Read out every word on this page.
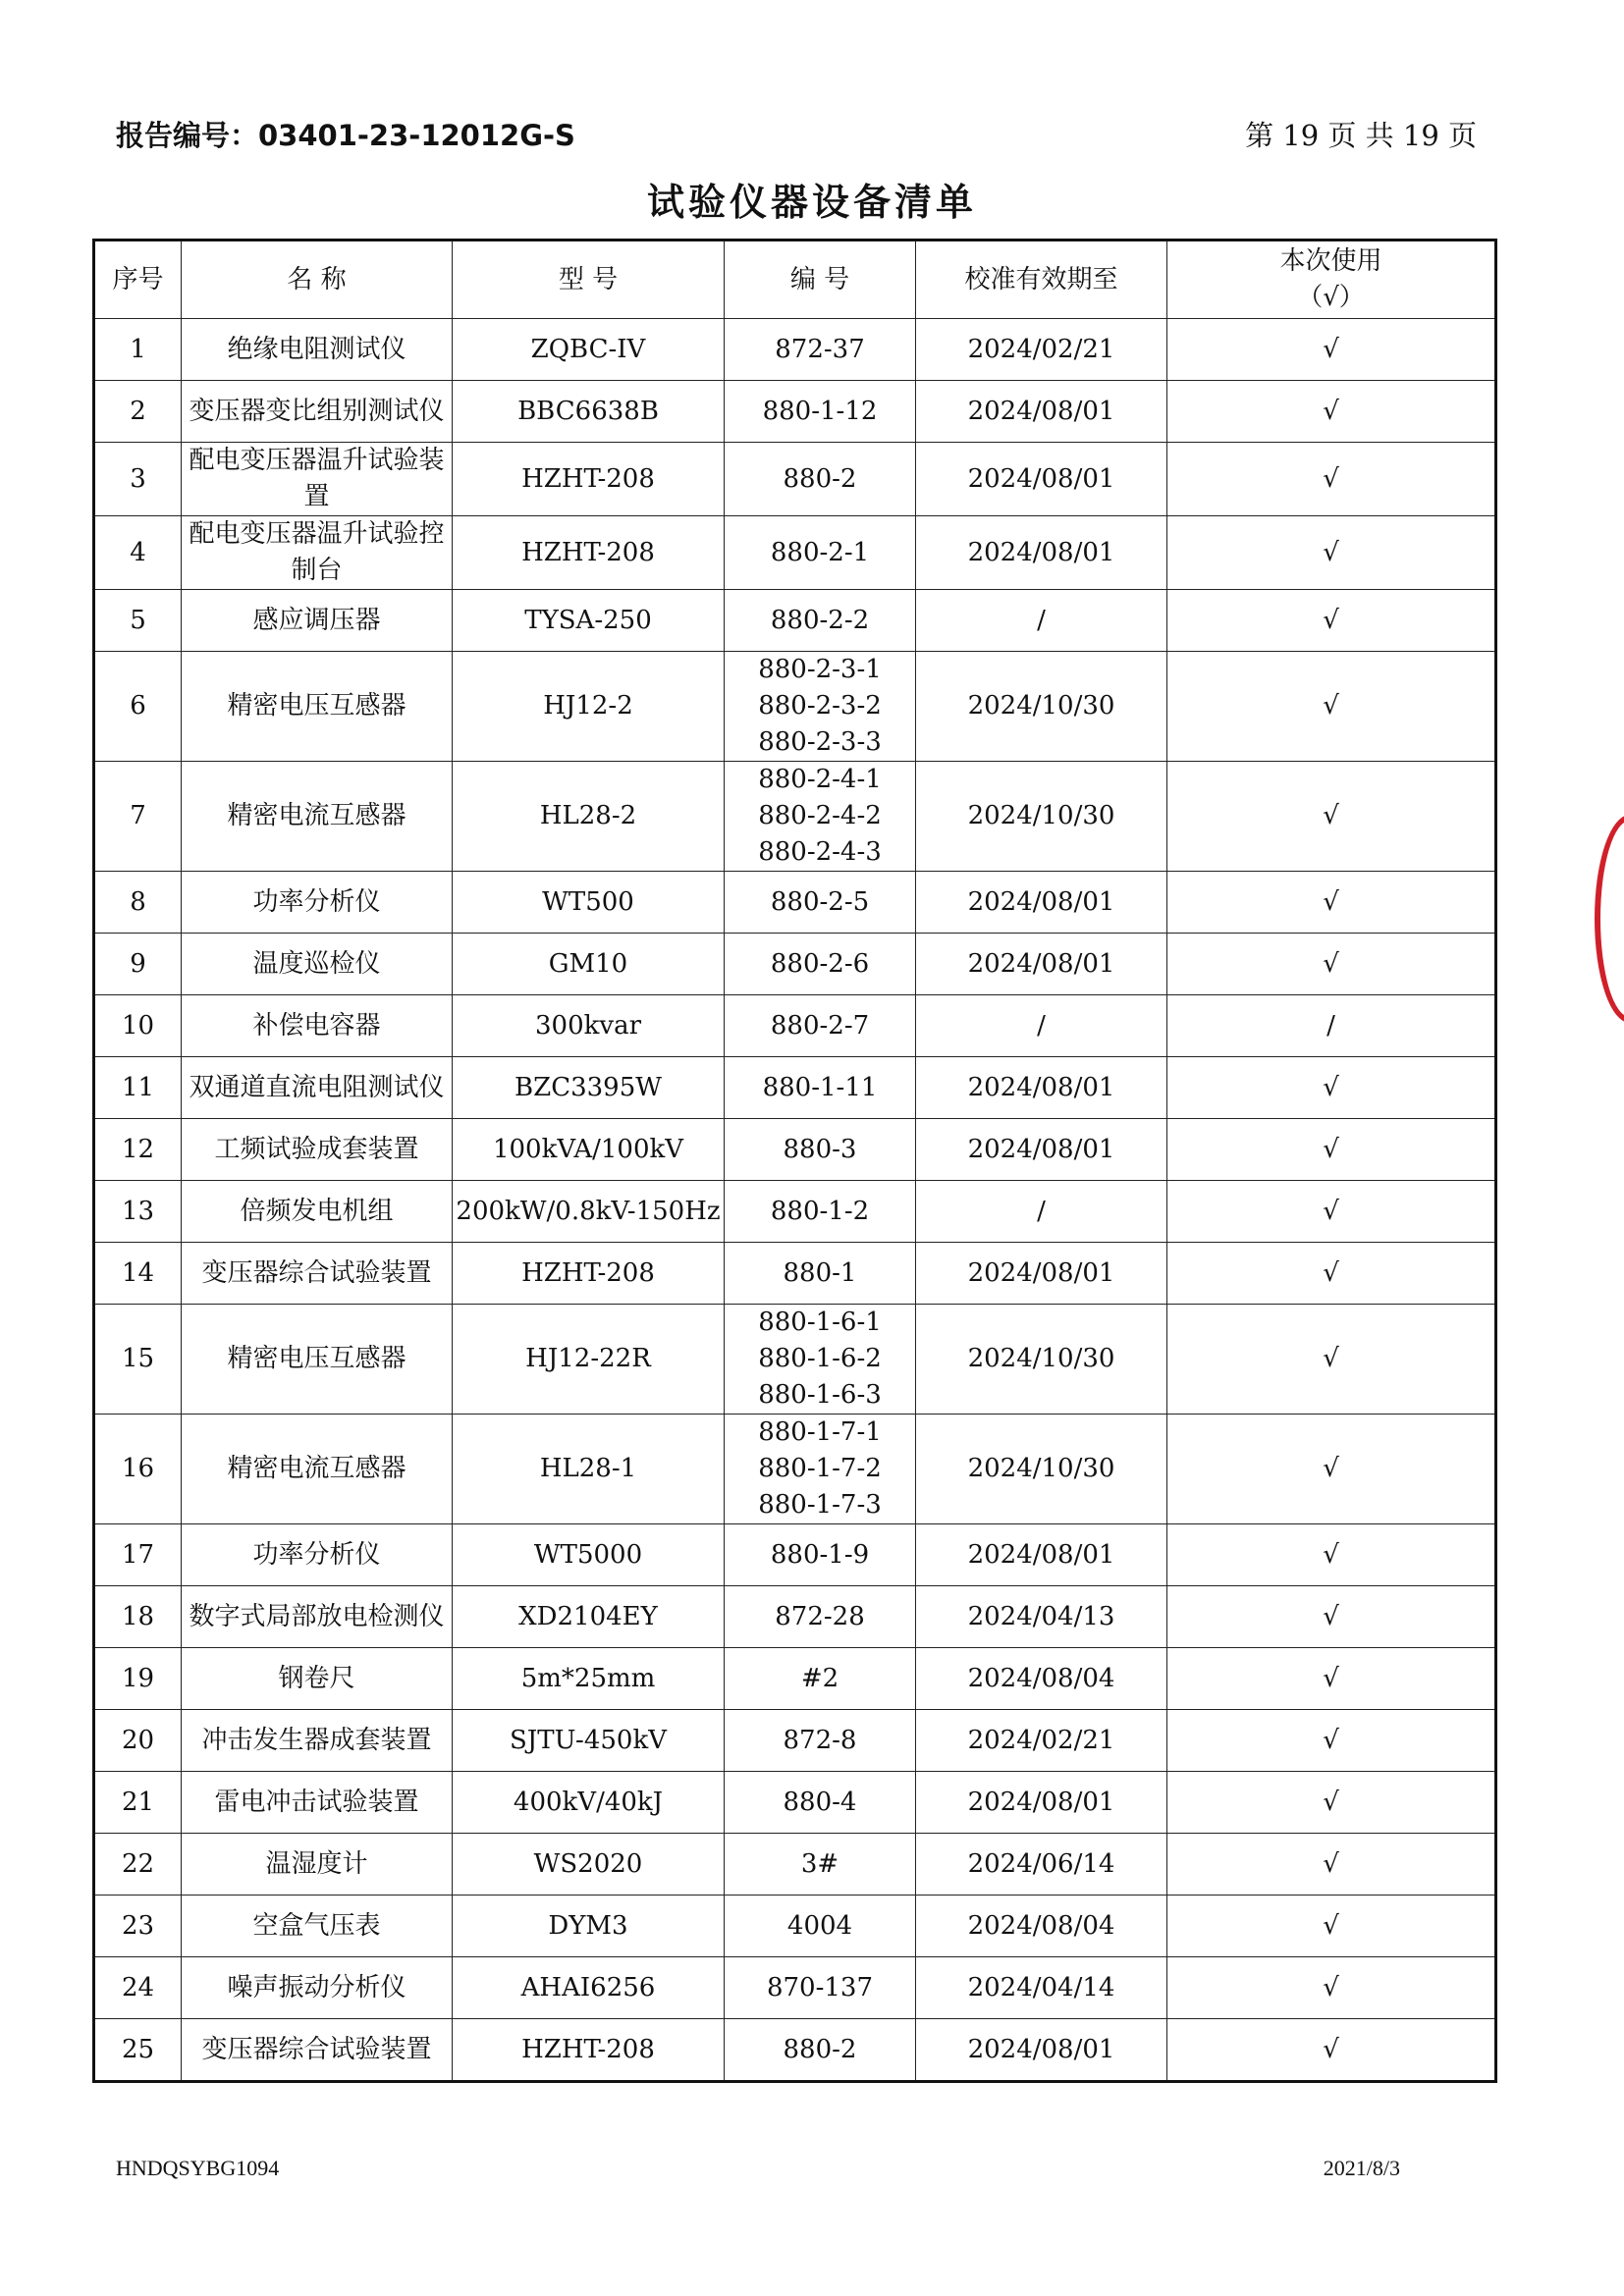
报告编号：03401-23-12012G-S	第 19 页 共 19 页
试验仪器设备清单
序号	名 称	型 号	编 号	校准有效期至	本次使用
（√）

1	绝缘电阻测试仪	ZQBC-IV	872-37	2024/02/21	√
2	变压器变比组别测试仪	BBC6638B	880-1-12	2024/08/01	√
3	配电变压器温升试验装置	HZHT-208	880-2	2024/08/01	√
4	配电变压器温升试验控制台	HZHT-208	880-2-1	2024/08/01	√
5	感应调压器	TYSA-250	880-2-2	/	√
6	精密电压互感器	HJ12-2	880-2-3-1
880-2-3-2
880-2-3-3	2024/10/30	√
7	精密电流互感器	HL28-2	880-2-4-1
880-2-4-2
880-2-4-3	2024/10/30	√
8	功率分析仪	WT500	880-2-5	2024/08/01	√
9	温度巡检仪	GM10	880-2-6	2024/08/01	√
10	补偿电容器	300kvar	880-2-7	/	/
11	双通道直流电阻测试仪	BZC3395W	880-1-11	2024/08/01	√
12	工频试验成套装置	100kVA/100kV	880-3	2024/08/01	√
13	倍频发电机组	200kW/0.8kV-150Hz	880-1-2	/	√
14	变压器综合试验装置	HZHT-208	880-1	2024/08/01	√
15	精密电压互感器	HJ12-22R	880-1-6-1
880-1-6-2
880-1-6-3	2024/10/30	√
16	精密电流互感器	HL28-1	880-1-7-1
880-1-7-2
880-1-7-3	2024/10/30	√
17	功率分析仪	WT5000	880-1-9	2024/08/01	√
18	数字式局部放电检测仪	XD2104EY	872-28	2024/04/13	√
19	钢卷尺	5m*25mm	#2	2024/08/04	√
20	冲击发生器成套装置	SJTU-450kV	872-8	2024/02/21	√
21	雷电冲击试验装置	400kV/40kJ	880-4	2024/08/01	√
22	温湿度计	WS2020	3#	2024/06/14	√
23	空盒气压表	DYM3	4004	2024/08/04	√
24	噪声振动分析仪	AHAI6256	870-137	2024/04/14	√
25	变压器综合试验装置	HZHT-208	880-2	2024/08/01	√
HNDQSYBG1094	2021/8/3
